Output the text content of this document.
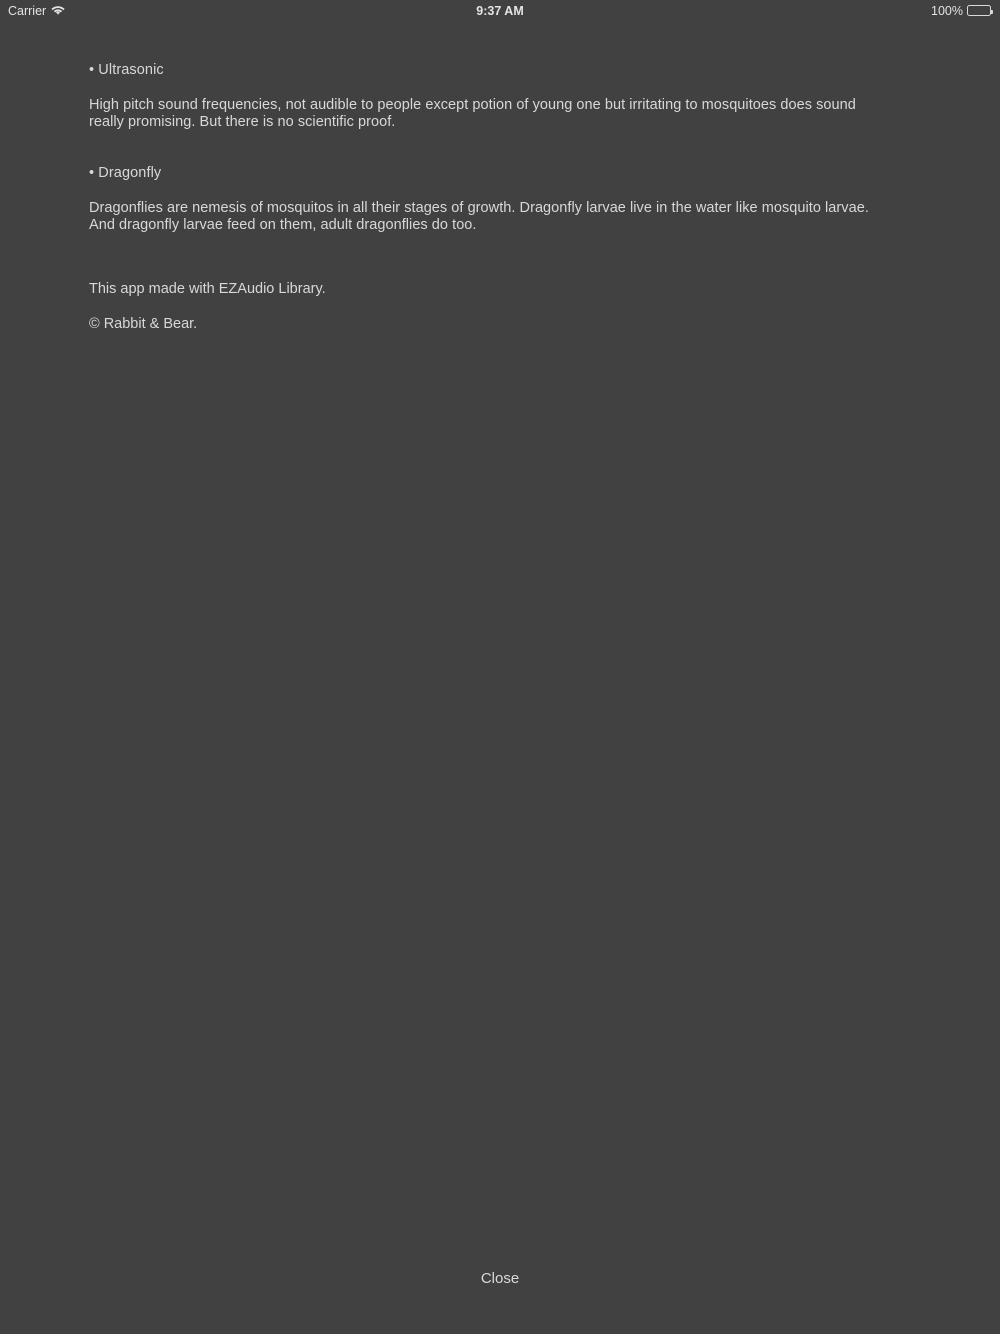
Carrier	9:37 AM	100%

• Ultrasonic

High pitch sound frequencies, not audible to people except potion of young one but irritating to mosquitoes does sound really promising. But there is no scientific proof.

• Dragonfly

Dragonflies are nemesis of mosquitos in all their stages of growth. Dragonfly larvae live in the water like mosquito larvae. And dragonfly larvae feed on them, adult dragonflies do too.

This app made with EZAudio Library.

© Rabbit & Bear.

Close
